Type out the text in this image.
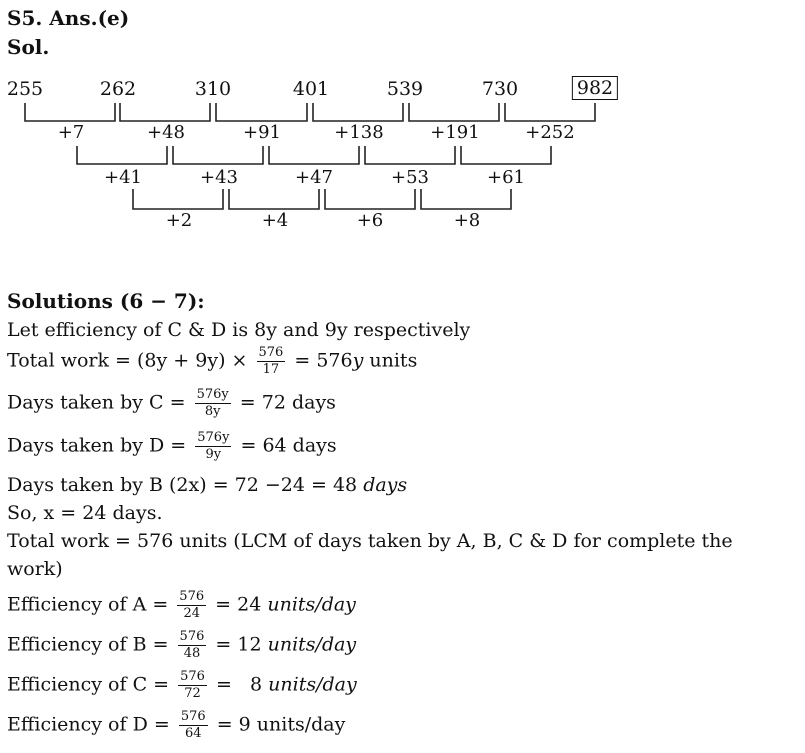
S5. Ans.(e)
Sol.
255	262	310	401	539	730	982
+7	+48	+91	+138	+191	+252
+41	+43	+47	+53	+61
+2	+4	+6	+8
Solutions (6 − 7):
Let efficiency of C & D is 8y and 9y respectively
Total work = $(8y + 9y) \times \frac{576}{17} = 576y$ units
Days taken by $C = \frac{576y}{8y} = 72$ days
Days taken by $D = \frac{576y}{9y} = 64$ days
Days taken by B (2x) = 72 −24 = 48 days
So, x = 24 days.
Total work = 576 units (LCM of days taken by A, B, C & D for complete the
work)
Efficiency of $A = \frac{576}{24} = 24$ units/day
Efficiency of $B = \frac{576}{48} = 12$ units/day
Efficiency of $C = \frac{576}{72} = 8$ units/day
Efficiency of $D = \frac{576}{64} = 9$ units/day
